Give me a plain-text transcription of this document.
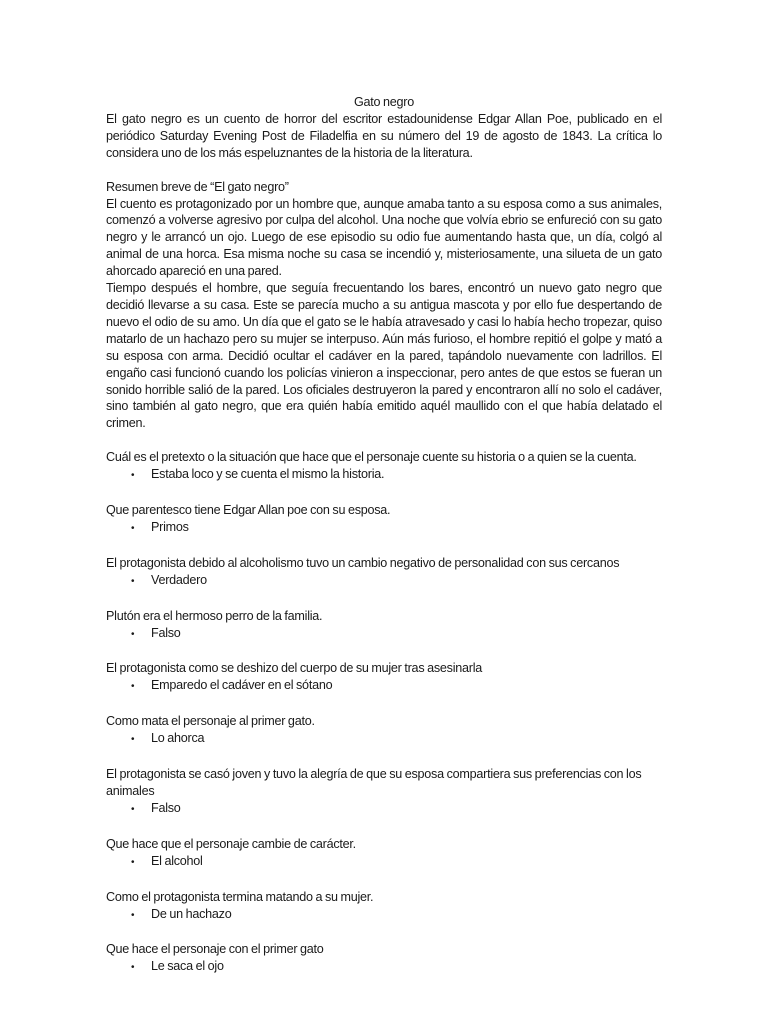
Gato negro

El gato negro es un cuento de horror del escritor estadounidense Edgar Allan Poe, publicado en el periódico Saturday Evening Post de Filadelfia en su número del 19 de agosto de 1843. La crítica lo considera uno de los más espeluznantes de la historia de la literatura.

Resumen breve de “El gato negro”

El cuento es protagonizado por un hombre que, aunque amaba tanto a su esposa como a sus animales, comenzó a volverse agresivo por culpa del alcohol. Una noche que volvía ebrio se enfureció con su gato negro y le arrancó un ojo. Luego de ese episodio su odio fue aumentando hasta que, un día, colgó al animal de una horca. Esa misma noche su casa se incendió y, misteriosamente, una silueta de un gato ahorcado apareció en una pared.

Tiempo después el hombre, que seguía frecuentando los bares, encontró un nuevo gato negro que decidió llevarse a su casa. Este se parecía mucho a su antigua mascota y por ello fue despertando de nuevo el odio de su amo. Un día que el gato se le había atravesado y casi lo había hecho tropezar, quiso matarlo de un hachazo pero su mujer se interpuso. Aún más furioso, el hombre repitió el golpe y mató a su esposa con arma. Decidió ocultar el cadáver en la pared, tapándolo nuevamente con ladrillos. El engaño casi funcionó cuando los policías vinieron a inspeccionar, pero antes de que estos se fueran un sonido horrible salió de la pared. Los oficiales destruyeron la pared y encontraron allí no solo el cadáver, sino también al gato negro, que era quién había emitido aquél maullido con el que había delatado el crimen.

Cuál es el pretexto o la situación que hace que el personaje cuente su historia o a quien se la cuenta.

•	Estaba loco y se cuenta el mismo la historia.

Que parentesco tiene Edgar Allan poe con su esposa.

•	Primos

El protagonista debido al alcoholismo tuvo un cambio negativo de personalidad con sus cercanos

•	Verdadero

Plutón era el hermoso perro de la familia.

•	Falso

El protagonista como se deshizo del cuerpo de su mujer tras asesinarla

•	Emparedo el cadáver en el sótano

Como mata el personaje al primer gato.

•	Lo ahorca

El protagonista se casó joven y tuvo la alegría de que su esposa compartiera sus preferencias con los animales

•	Falso

Que hace que el personaje cambie de carácter.

•	El alcohol

Como el protagonista termina matando a su mujer.

•	De un hachazo

Que hace el personaje con el primer gato

•	Le saca el ojo
